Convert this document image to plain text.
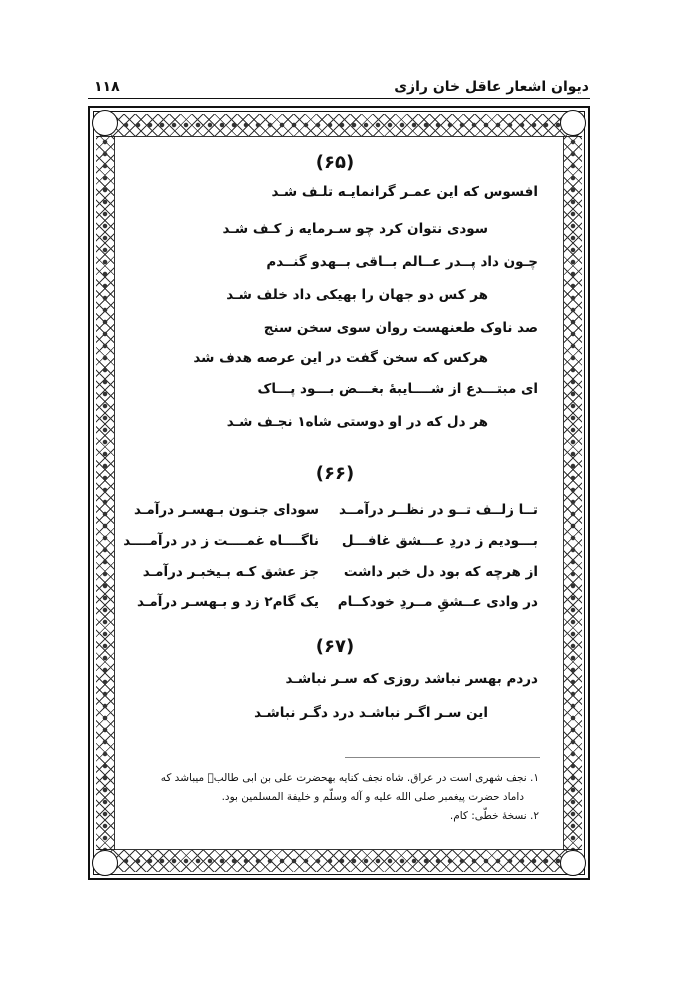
دیوان اشعار عاقل خان رازی
۱۱۸
(۶۵)
افسوس که این عمـر گرانمایـه تلـف شـد
سودی نتوان کرد چو سـرمایه ز کـف شـد
چـون داد پــدر عــالم بــاقی بــهدو گنــدم
هر کس دو جهان را بهیکی داد خلف شـد
صد ناوک طعنهست روان سوی سخن سنج
هرکس که سخن گفت در این عرصه هدف شد
ای مبتـــدع از شــــایبۀ بغـــض بـــود پـــاک
هر دل که در او دوستی شاه۱ نجـف شـد
(۶۶)
تــا زلــف تــو در نظــر درآمــد
سودای جنـون بـهسـر درآمـد
بـــودیم ز دردِ عـــشق غافـــل
ناگــــاه غمــــت ز در درآمــــد
از هرچه که بود دل خبر داشت
جز عشق کـه بـیخبـر درآمـد
در وادی عــشقِ مــردِ خودکــام
یک گام۲ زد و بـهسـر درآمـد
(۶۷)
دردم بهسر نباشد روزی که سـر نباشـد
این سـر اگـر نباشـد درد دگـر نباشـد
۱. نجف شهری است در عراق. شاه نجف کنایه بهحضرت علی بن ابی طالبؑ میباشد که
داماد حضرت پیغمبر صلی الله علیه و آله وسلّم و خلیفة المسلمین بود.
۲. نسخۀ خطّی: کام.
